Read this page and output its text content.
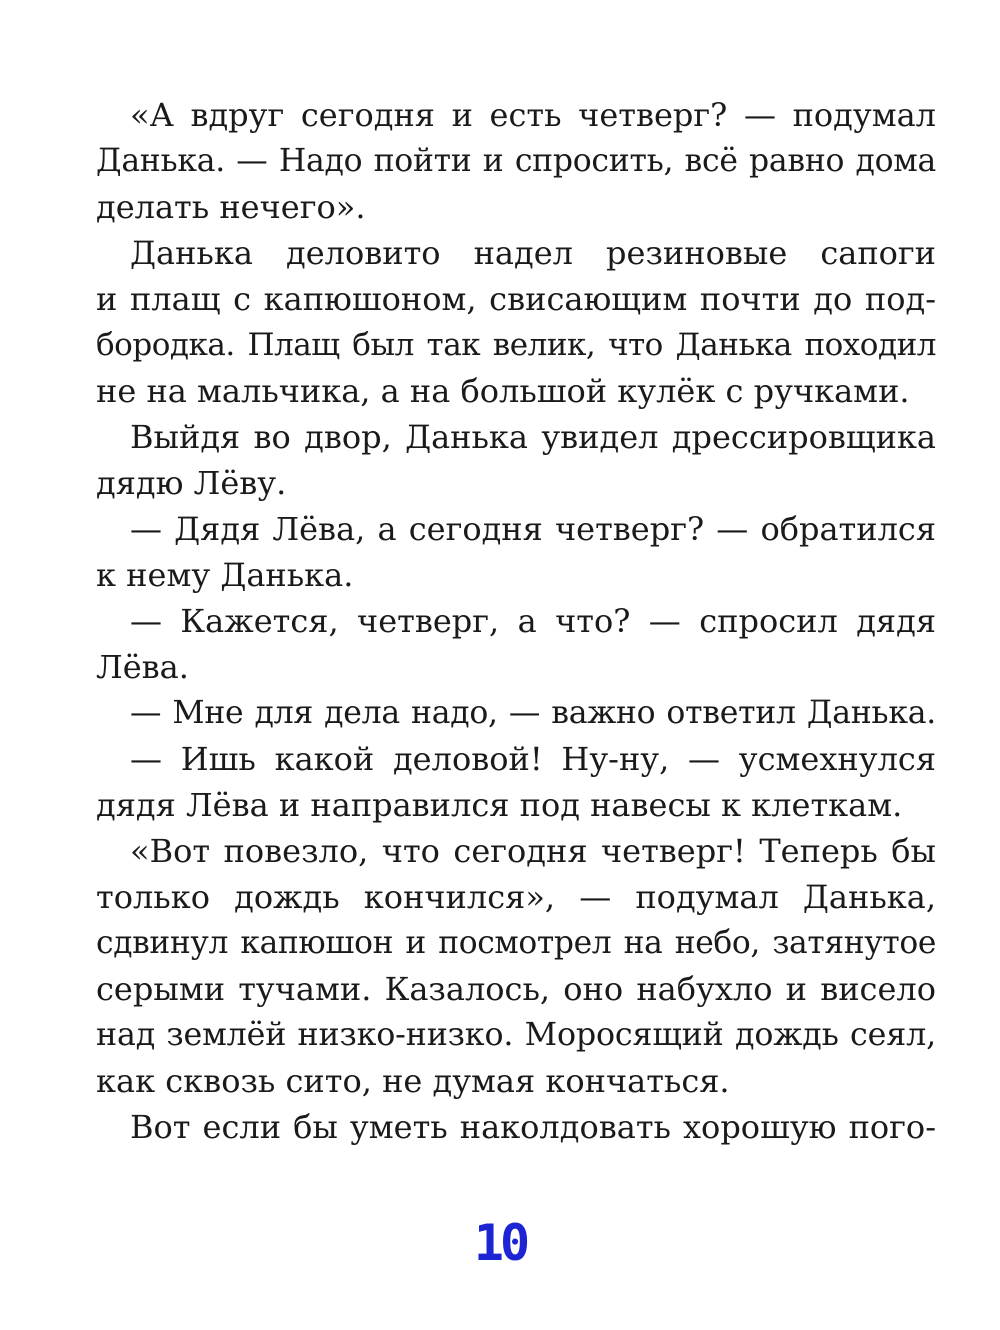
«А вдруг сегодня и есть четверг? — подумал
Данька. — Надо пойти и спросить, всё равно дома
делать нечего».

Данька деловито надел резиновые сапоги
и плащ с капюшоном, свисающим почти до под-
бородка. Плащ был так велик, что Данька походил
не на мальчика, а на большой кулёк с ручками.

Выйдя во двор, Данька увидел дрессировщика
дядю Лёву.

— Дядя Лёва, а сегодня четверг? — обратился
к нему Данька.

— Кажется, четверг, а что? — спросил дядя
Лёва.

— Мне для дела надо, — важно ответил Данька.

— Ишь какой деловой! Ну-ну, — усмехнулся
дядя Лёва и направился под навесы к клеткам.

«Вот повезло, что сегодня четверг! Теперь бы
только дождь кончился», — подумал Данька,
сдвинул капюшон и посмотрел на небо, затянутое
серыми тучами. Казалось, оно набухло и висело
над землёй низко-низко. Моросящий дождь сеял,
как сквозь сито, не думая кончаться.

Вот если бы уметь наколдовать хорошую пого-

10
